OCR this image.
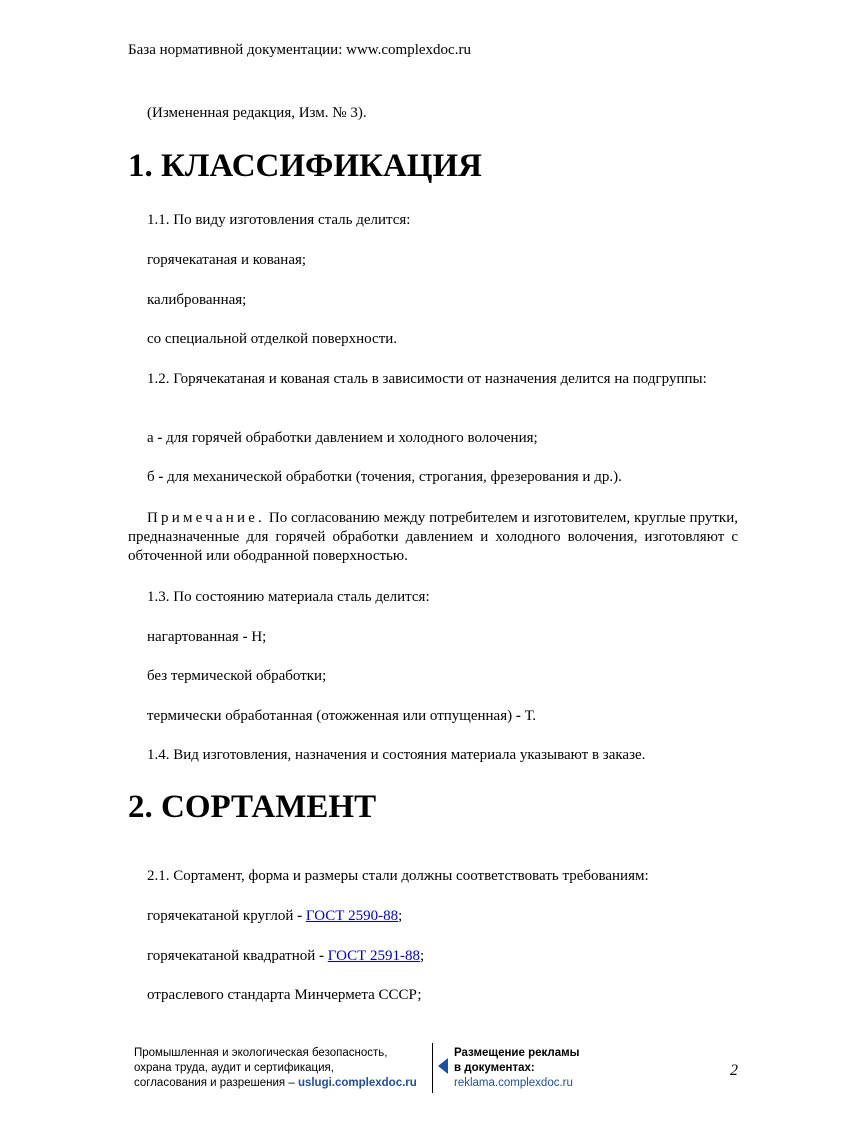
База нормативной документации: www.complexdoc.ru
(Измененная редакция, Изм. № 3).
1. КЛАССИФИКАЦИЯ
1.1. По виду изготовления сталь делится:
горячекатаная и кованая;
калиброванная;
со специальной отделкой поверхности.
1.2. Горячекатаная и кованая сталь в зависимости от назначения делится на подгруппы:
а - для горячей обработки давлением и холодного волочения;
б - для механической обработки (точения, строгания, фрезерования и др.).
Примечание. По согласованию между потребителем и изготовителем, круглые прутки, предназначенные для горячей обработки давлением и холодного волочения, изготовляют с обточенной или ободранной поверхностью.
1.3. По состоянию материала сталь делится:
нагартованная - Н;
без термической обработки;
термически обработанная (отожженная или отпущенная) - Т.
1.4. Вид изготовления, назначения и состояния материала указывают в заказе.
2. СОРТАМЕНТ
2.1. Сортамент, форма и размеры стали должны соответствовать требованиям:
горячекатаной круглой - ГОСТ 2590-88;
горячекатаной квадратной - ГОСТ 2591-88;
отраслевого стандарта Минчермета СССР;
Промышленная и экологическая безопасность,
охрана труда, аудит и сертификация,
согласования и разрешения – uslugi.complexdoc.ru
Размещение рекламы
в документах:
reklama.complexdoc.ru
2
